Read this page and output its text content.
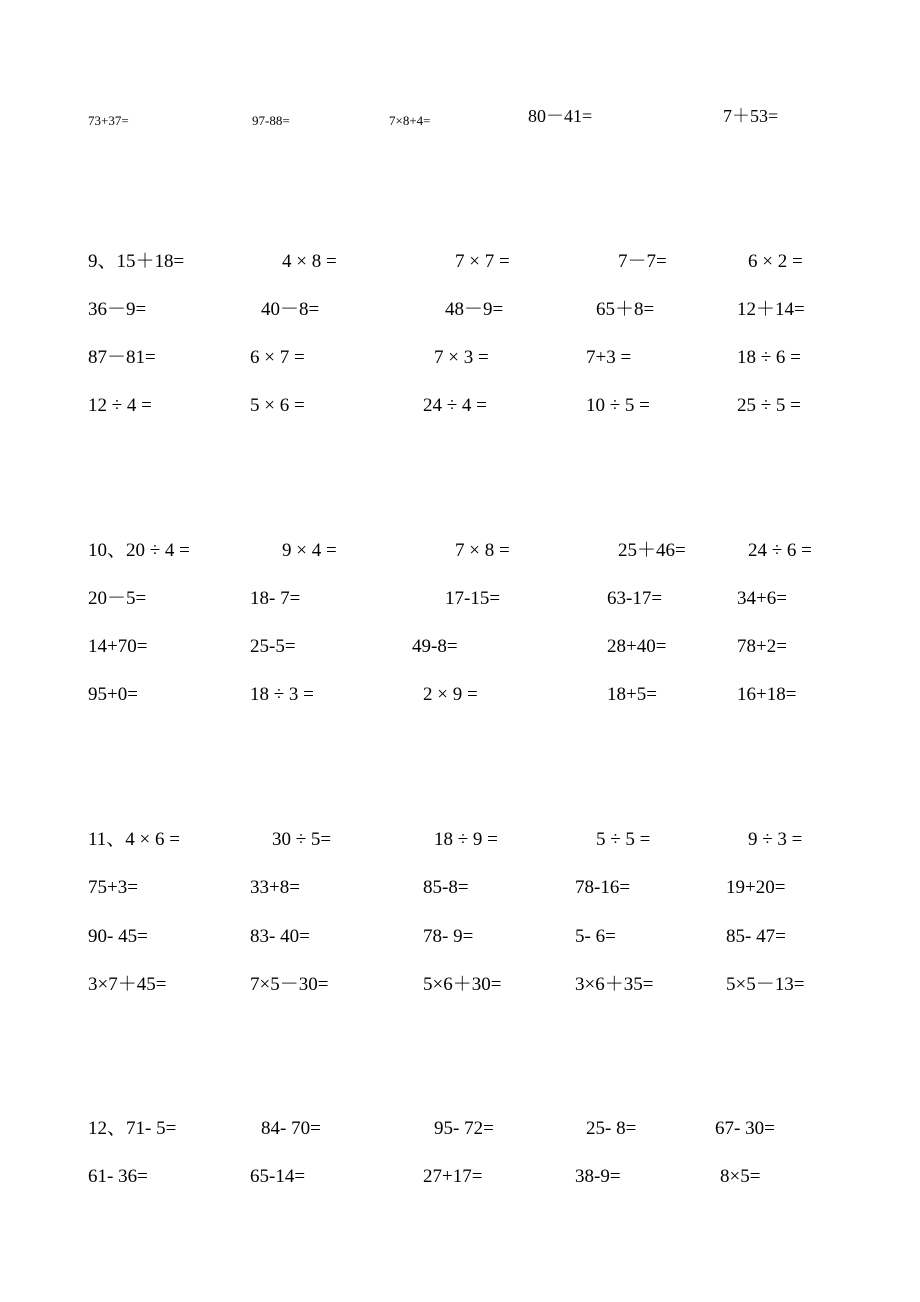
73+37=	97-88=	7×8+4=	80－41=	7＋53=
9、15＋18=	4 × 8 =	7 × 7 =	7－7=	6 × 2 =
36－9=	40－8=	48－9=	65＋8=	12＋14=
87－81=	6 × 7 =	7 × 3 =	7+3 =	18 ÷ 6 =
12 ÷ 4 =	5 × 6 =	24 ÷ 4 =	10 ÷ 5 =	25 ÷ 5 =
10、20 ÷ 4 =	9 × 4 =	7 × 8 =	25＋46=	24 ÷ 6 =
20－5=	18- 7=	17-15=	63-17=	34+6=
14+70=	25-5=	49-8=	28+40=	78+2=
95+0=	18 ÷ 3 =	2 × 9 =	18+5=	16+18=
11、4 × 6 =	30 ÷ 5=	18 ÷ 9 =	5 ÷ 5 =	9 ÷ 3 =
75+3=	33+8=	85-8=	78-16=	19+20=
90- 45=	83- 40=	78- 9=	5- 6=	85- 47=
3×7＋45=	7×5－30=	5×6＋30=	3×6＋35=	5×5－13=
12、71- 5=	84- 70=	95- 72=	25- 8=	67- 30=
61- 36=	65-14=	27+17=	38-9=	8×5=
